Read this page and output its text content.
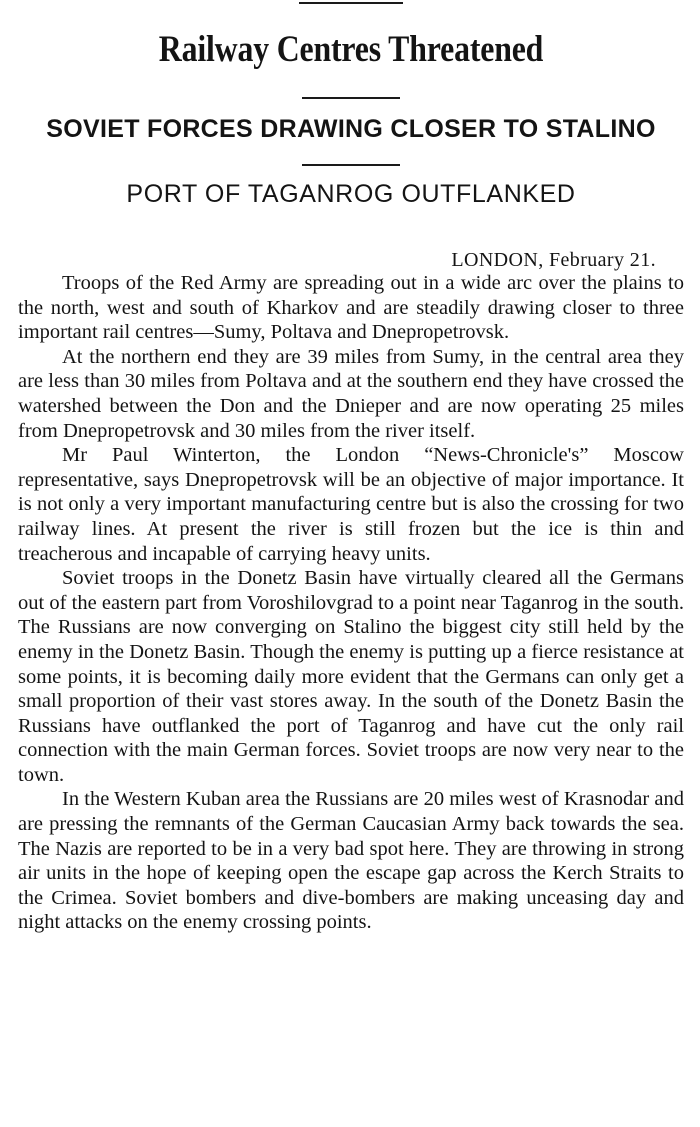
Railway Centres Threatened
SOVIET FORCES DRAWING CLOSER TO STALINO
PORT OF TAGANROG OUTFLANKED
LONDON, February 21.

Troops of the Red Army are spreading out in a wide arc over the plains to the north, west and south of Kharkov and are steadily drawing closer to three important rail centres—Sumy, Poltava and Dnepropetrovsk.

At the northern end they are 39 miles from Sumy, in the central area they are less than 30 miles from Poltava and at the southern end they have crossed the watershed between the Don and the Dnieper and are now operating 25 miles from Dnepropetrovsk and 30 miles from the river itself.

Mr Paul Winterton, the London “News-Chronicle's” Moscow representative, says Dnepropetrovsk will be an objective of major importance. It is not only a very important manufacturing centre but is also the crossing for two railway lines. At present the river is still frozen but the ice is thin and treacherous and incapable of carrying heavy units.

Soviet troops in the Donetz Basin have virtually cleared all the Germans out of the eastern part from Voroshilovgrad to a point near Taganrog in the south. The Russians are now converging on Stalino the biggest city still held by the enemy in the Donetz Basin. Though the enemy is putting up a fierce resistance at some points, it is becoming daily more evident that the Germans can only get a small proportion of their vast stores away. In the south of the Donetz Basin the Russians have outflanked the port of Taganrog and have cut the only rail connection with the main German forces. Soviet troops are now very near to the town.

In the Western Kuban area the Russians are 20 miles west of Krasnodar and are pressing the remnants of the German Caucasian Army back towards the sea. The Nazis are reported to be in a very bad spot here. They are throwing in strong air units in the hope of keeping open the escape gap across the Kerch Straits to the Crimea. Soviet bombers and dive-bombers are making unceasing day and night attacks on the enemy crossing points.
